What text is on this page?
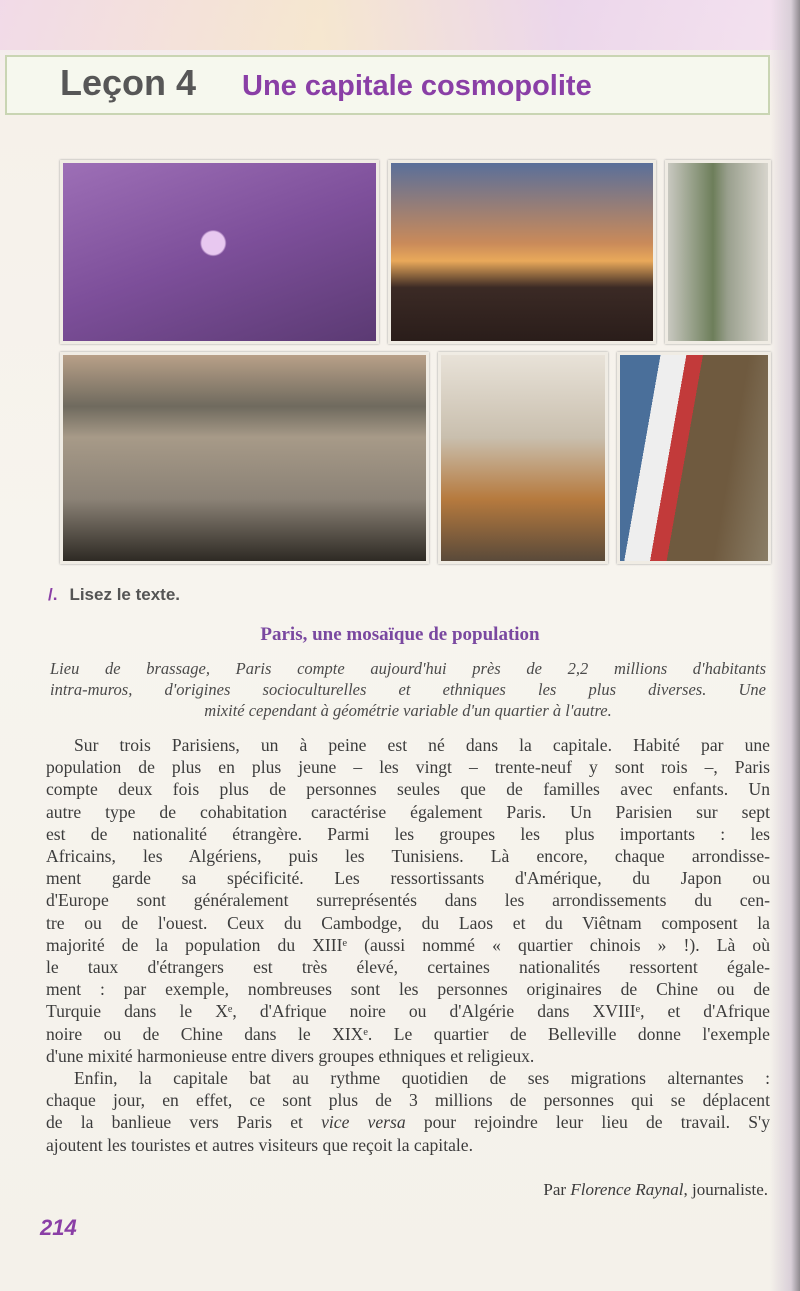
Leçon 4 Une capitale cosmopolite
/. Lisez le texte.
Paris, une mosaïque de population
Lieu de brassage, Paris compte aujourd'hui près de 2,2 millions d'habitants
intra-muros, d'origines socioculturelles et ethniques les plus diverses. Une
mixité cependant à géométrie variable d'un quartier à l'autre.
Sur trois Parisiens, un à peine est né dans la capitale. Habité par une
population de plus en plus jeune – les vingt – trente-neuf y sont rois –, Paris
compte deux fois plus de personnes seules que de familles avec enfants. Un
autre type de cohabitation caractérise également Paris. Un Parisien sur sept
est de nationalité étrangère. Parmi les groupes les plus importants : les
Africains, les Algériens, puis les Tunisiens. Là encore, chaque arrondisse-
ment garde sa spécificité. Les ressortissants d'Amérique, du Japon ou
d'Europe sont généralement surreprésentés dans les arrondissements du cen-
tre ou de l'ouest. Ceux du Cambodge, du Laos et du Viêtnam composent la
majorité de la population du XIIIᵉ (aussi nommé « quartier chinois » !). Là où
le taux d'étrangers est très élevé, certaines nationalités ressortent égale-
ment : par exemple, nombreuses sont les personnes originaires de Chine ou de
Turquie dans le Xᵉ, d'Afrique noire ou d'Algérie dans XVIIIᵉ, et d'Afrique
noire ou de Chine dans le XIXᵉ. Le quartier de Belleville donne l'exemple
d'une mixité harmonieuse entre divers groupes ethniques et religieux.
Enfin, la capitale bat au rythme quotidien de ses migrations alternantes :
chaque jour, en effet, ce sont plus de 3 millions de personnes qui se déplacent
de la banlieue vers Paris et vice versa pour rejoindre leur lieu de travail. S'y
ajoutent les touristes et autres visiteurs que reçoit la capitale.
Par Florence Raynal, journaliste.
214
